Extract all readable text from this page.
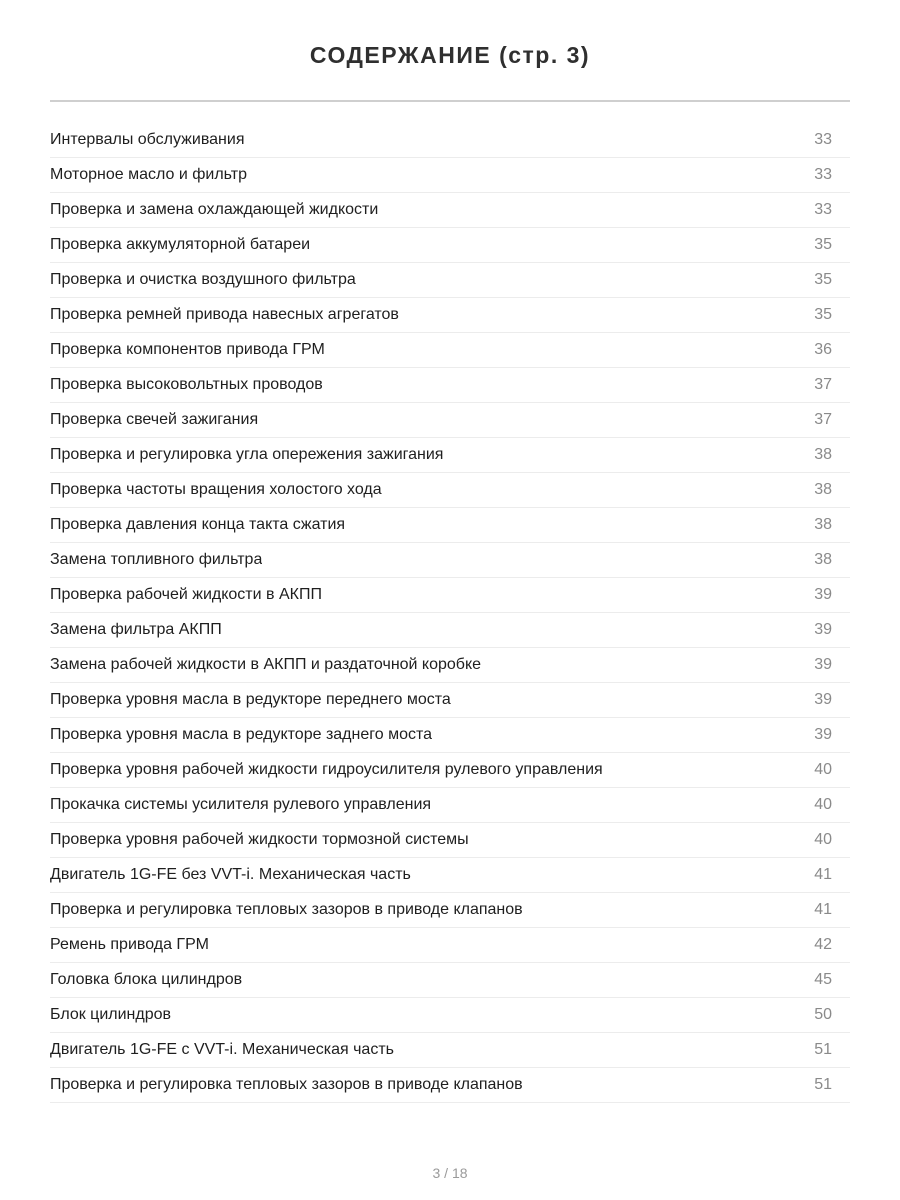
СОДЕРЖАНИЕ (стр. 3)
Интервалы обслуживания	33
Моторное масло и фильтр	33
Проверка и замена охлаждающей жидкости	33
Проверка аккумуляторной батареи	35
Проверка и очистка воздушного фильтра	35
Проверка ремней привода навесных агрегатов	35
Проверка компонентов привода ГРМ	36
Проверка высоковольтных проводов	37
Проверка свечей зажигания	37
Проверка и регулировка угла опережения зажигания	38
Проверка частоты вращения холостого хода	38
Проверка давления конца такта сжатия	38
Замена топливного фильтра	38
Проверка рабочей жидкости в АКПП	39
Замена фильтра АКПП	39
Замена рабочей жидкости в АКПП и раздаточной коробке	39
Проверка уровня масла в редукторе переднего моста	39
Проверка уровня масла в редукторе заднего моста	39
Проверка уровня рабочей жидкости гидроусилителя рулевого управления	40
Прокачка системы усилителя рулевого управления	40
Проверка уровня рабочей жидкости тормозной системы	40
Двигатель 1G-FE без VVT-i. Механическая часть	41
Проверка и регулировка тепловых зазоров в приводе клапанов	41
Ремень привода ГРМ	42
Головка блока цилиндров	45
Блок цилиндров	50
Двигатель 1G-FE с VVT-i. Механическая часть	51
Проверка и регулировка тепловых зазоров в приводе клапанов	51
3 / 18
